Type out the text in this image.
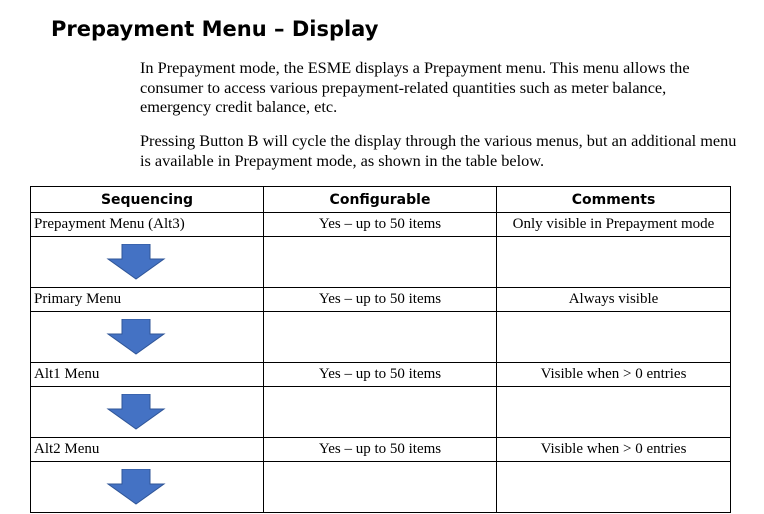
Prepayment Menu – Display

In Prepayment mode, the ESME displays a Prepayment menu. This menu allows the consumer to access various prepayment-related quantities such as meter balance, emergency credit balance, etc.

Pressing Button B will cycle the display through the various menus, but an additional menu is available in Prepayment mode, as shown in the table below.

Sequencing	Configurable	Comments
Prepayment Menu (Alt3)	Yes – up to 50 items	Only visible in Prepayment mode

Primary Menu	Yes – up to 50 items	Always visible

Alt1 Menu	Yes – up to 50 items	Visible when > 0 entries

Alt2 Menu	Yes – up to 50 items	Visible when > 0 entries
